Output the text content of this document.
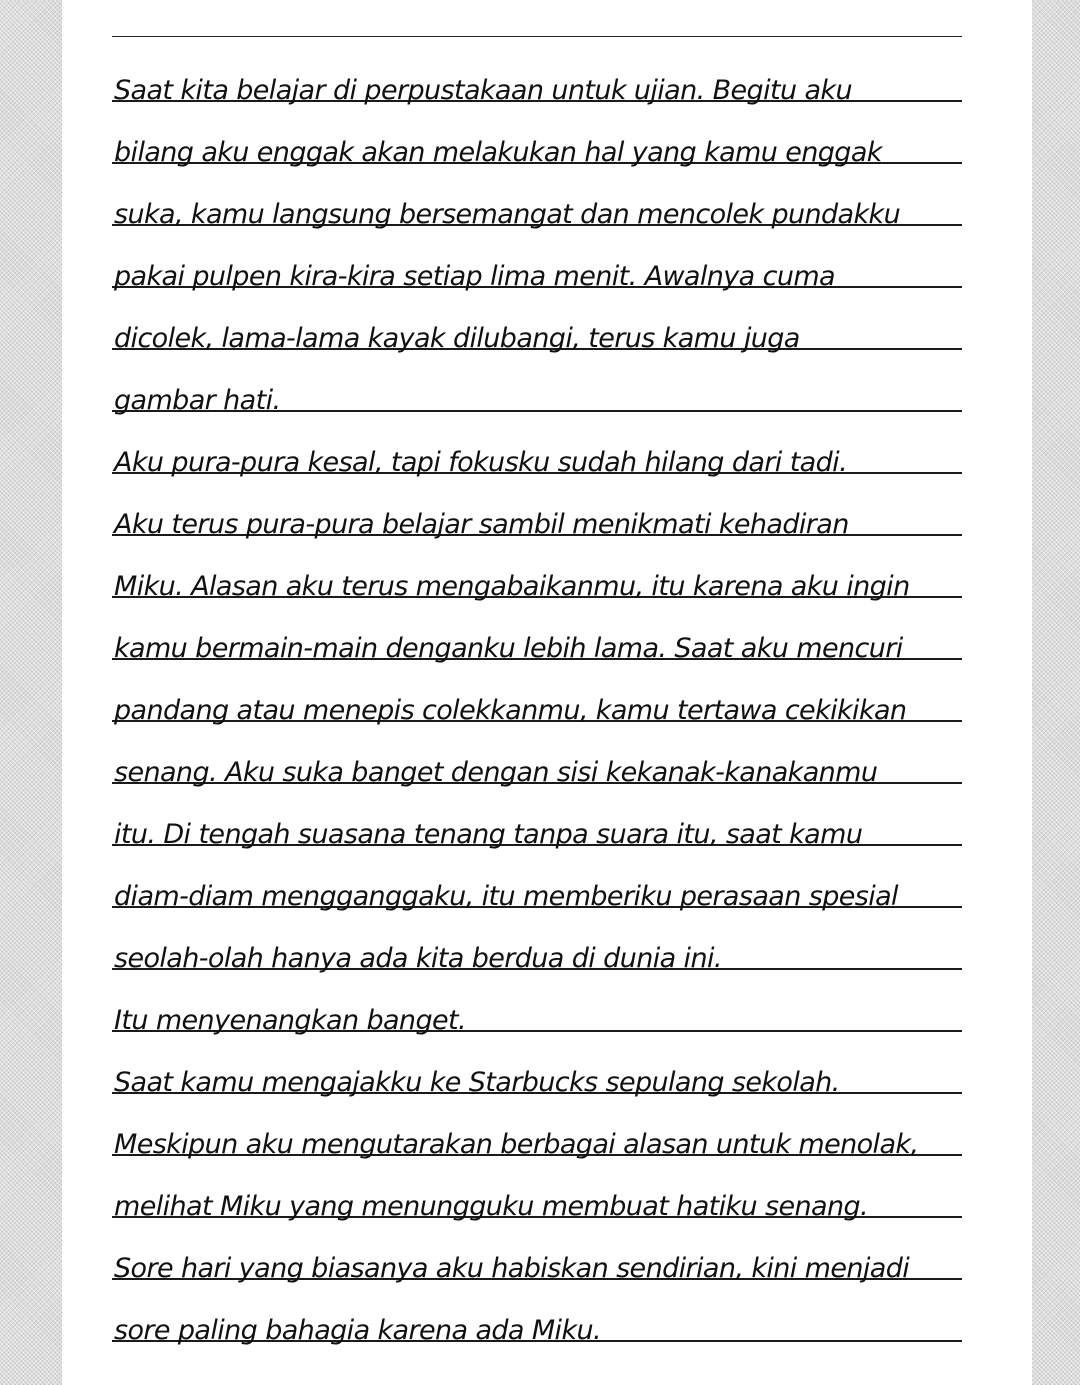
Saat kita belajar di perpustakaan untuk ujian. Begitu aku
bilang aku enggak akan melakukan hal yang kamu enggak
suka, kamu langsung bersemangat dan mencolek pundakku
pakai pulpen kira-kira setiap lima menit. Awalnya cuma
dicolek, lama-lama kayak dilubangi, terus kamu juga
gambar hati.
Aku pura-pura kesal, tapi fokusku sudah hilang dari tadi.
Aku terus pura-pura belajar sambil menikmati kehadiran
Miku. Alasan aku terus mengabaikanmu, itu karena aku ingin
kamu bermain-main denganku lebih lama. Saat aku mencuri
pandang atau menepis colekkanmu, kamu tertawa cekikikan
senang. Aku suka banget dengan sisi kekanak-kanakanmu
itu. Di tengah suasana tenang tanpa suara itu, saat kamu
diam-diam mengganggaku, itu memberiku perasaan spesial
seolah-olah hanya ada kita berdua di dunia ini.
Itu menyenangkan banget.
Saat kamu mengajakku ke Starbucks sepulang sekolah.
Meskipun aku mengutarakan berbagai alasan untuk menolak,
melihat Miku yang menungguku membuat hatiku senang.
Sore hari yang biasanya aku habiskan sendirian, kini menjadi
sore paling bahagia karena ada Miku.
